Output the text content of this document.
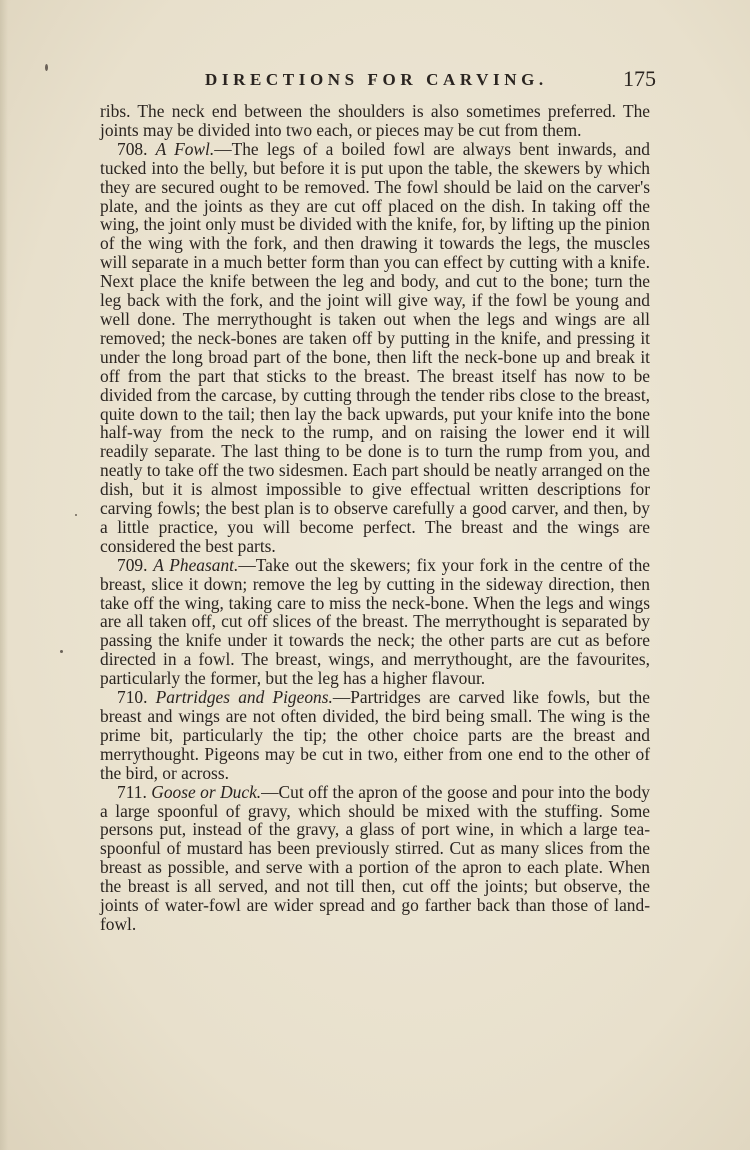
DIRECTIONS FOR CARVING.	175

ribs. The neck end between the shoulders is also sometimes preferred. The joints may be divided into two each, or pieces may be cut from them.

708. A Fowl.—The legs of a boiled fowl are always bent inwards, and tucked into the belly, but before it is put upon the table, the skewers by which they are secured ought to be removed. The fowl should be laid on the carver's plate, and the joints as they are cut off placed on the dish. In taking off the wing, the joint only must be divided with the knife, for, by lifting up the pinion of the wing with the fork, and then drawing it towards the legs, the muscles will separate in a much better form than you can effect by cutting with a knife. Next place the knife between the leg and body, and cut to the bone; turn the leg back with the fork, and the joint will give way, if the fowl be young and well done. The merrythought is taken out when the legs and wings are all removed; the neck-bones are taken off by putting in the knife, and pressing it under the long broad part of the bone, then lift the neck-bone up and break it off from the part that sticks to the breast. The breast itself has now to be divided from the carcase, by cutting through the tender ribs close to the breast, quite down to the tail; then lay the back upwards, put your knife into the bone half-way from the neck to the rump, and on raising the lower end it will readily separate. The last thing to be done is to turn the rump from you, and neatly to take off the two sidesmen. Each part should be neatly arranged on the dish, but it is almost impossible to give effectual written descriptions for carving fowls; the best plan is to observe carefully a good carver, and then, by a little practice, you will become perfect. The breast and the wings are considered the best parts.

709. A Pheasant.—Take out the skewers; fix your fork in the centre of the breast, slice it down; remove the leg by cutting in the sideway direction, then take off the wing, taking care to miss the neck-bone. When the legs and wings are all taken off, cut off slices of the breast. The merrythought is separated by passing the knife under it towards the neck; the other parts are cut as before directed in a fowl. The breast, wings, and merrythought, are the favourites, particularly the former, but the leg has a higher flavour.

710. Partridges and Pigeons.—Partridges are carved like fowls, but the breast and wings are not often divided, the bird being small. The wing is the prime bit, particularly the tip; the other choice parts are the breast and merrythought. Pigeons may be cut in two, either from one end to the other of the bird, or across.

711. Goose or Duck.—Cut off the apron of the goose and pour into the body a large spoonful of gravy, which should be mixed with the stuffing. Some persons put, instead of the gravy, a glass of port wine, in which a large tea-spoonful of mustard has been previously stirred. Cut as many slices from the breast as possible, and serve with a portion of the apron to each plate. When the breast is all served, and not till then, cut off the joints; but observe, the joints of water-fowl are wider spread and go farther back than those of land-fowl.
